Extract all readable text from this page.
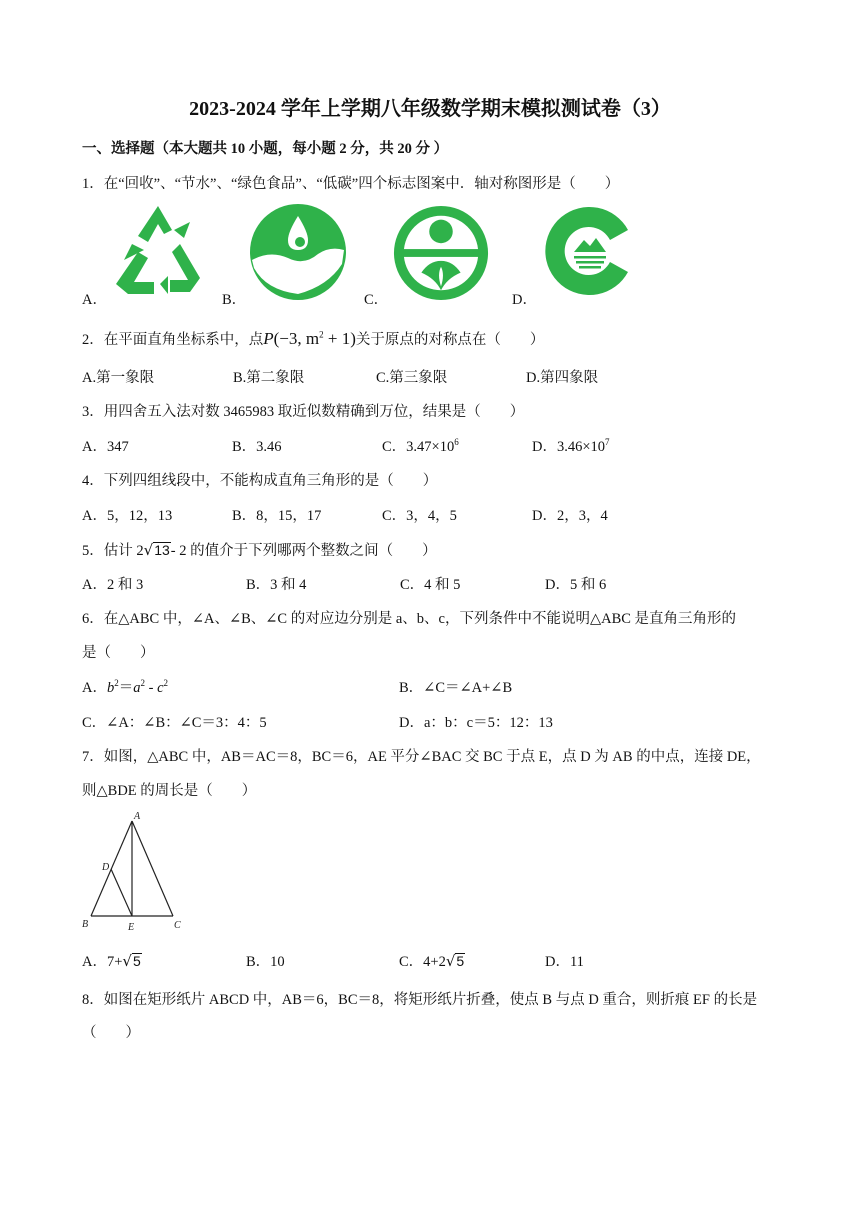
2023-2024 学年上学期八年级数学期末模拟测试卷（3）
一、选择题（本大题共 10 小题，每小题 2 分，共 20 分 ）
1．在“回收”、“节水”、“绿色食品”、“低碳”四个标志图案中．轴对称图形是（　　）
A．	B．	C．	D．
2．在平面直角坐标系中，点P(−3, $m^2 + 1$)关于原点的对称点在（　　）
A.第一象限	B.第二象限	C.第三象限	D.第四象限
3．用四舍五入法对数 3465983 取近似数精确到万位，结果是（　　）
A．347	B．3.46	C．$3.47\times 10^6$	D．$3.46\times 10^7$
4．下列四组线段中，不能构成直角三角形的是（　　）
A．5，12，13	B．8，15，17	C．3，4，5	D．2，3，4
5．估计 2√13- 2 的值介于下列哪两个整数之间（　　）
A．2 和 3	B．3 和 4	C．4 和 5	D．5 和 6
6．在△ABC 中，∠A、∠B、∠C 的对应边分别是 a、b、c，下列条件中不能说明△ABC 是直角三角形的
是（　　）
A．$b^2=a^2 - c^2$	B．∠C＝∠A+∠B
C．∠A：∠B：∠C＝3：4：5	D．a：b：c＝5：12：13
7．如图，△ABC 中，AB＝AC＝8，BC＝6，AE 平分∠BAC 交 BC 于点 E，点 D 为 AB 的中点，连接 DE，
则△BDE 的周长是（　　）
A
B	C
D
E
A．7+√5	B．10	C．4+2√5	D．11
8．如图在矩形纸片 ABCD 中，AB＝6，BC＝8，将矩形纸片折叠，使点 B 与点 D 重合，则折痕 EF 的长是
（　　）
